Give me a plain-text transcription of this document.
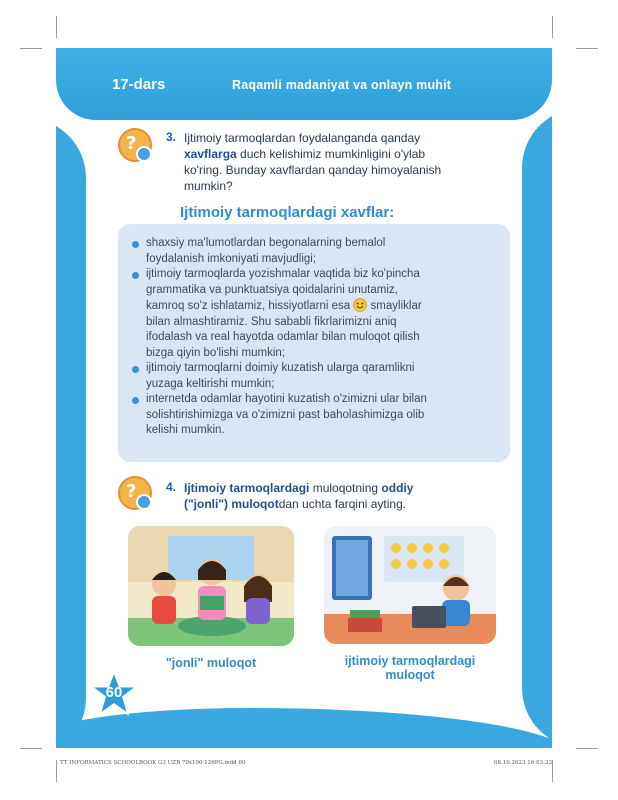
17-dars	Raqamli madaniyat va onlayn muhit
?
3. Ijtimoiy tarmoqlardan foydalanganda qanday
xavflarga duch kelishimiz mumkinligini o'ylab
ko'ring. Bunday xavflardan qanday himoyalanish
mumkin?
Ijtimoiy tarmoqlardagi xavflar:
shaxsiy ma'lumotlardan begonalarning bemalol
foydalanish imkoniyati mavjudligi;
ijtimoiy tarmoqlarda yozishmalar vaqtida biz ko'pincha
grammatika va punktuatsiya qoidalarini unutamiz,
kamroq so'z ishlatamiz, hissiyotlarni esa
smayliklar
bilan almashtiramiz. Shu sababli fikrlarimizni aniq
ifodalash va real hayotda odamlar bilan muloqot qilish
bizga qiyin bo'lishi mumkin;
ijtimoiy tarmoqlarni doimiy kuzatish ularga qaramlikni
yuzaga keltirishi mumkin;
internetda odamlar hayotini kuzatish o'zimizni ular bilan
solishtirishimizga va o'zimizni past baholashimizga olib
kelishi mumkin.
?
4. Ijtimoiy tarmoqlardagi muloqotning oddiy
("jonli") muloqotdan uchta farqini ayting.
"jonli" muloqot	ijtimoiy tarmoqlardagi
muloqot
60
TT INFORMATICS SCHOOLBOOK G3 UZB 70x100 126PG.indd 60	08.10.2023 16:03:23
